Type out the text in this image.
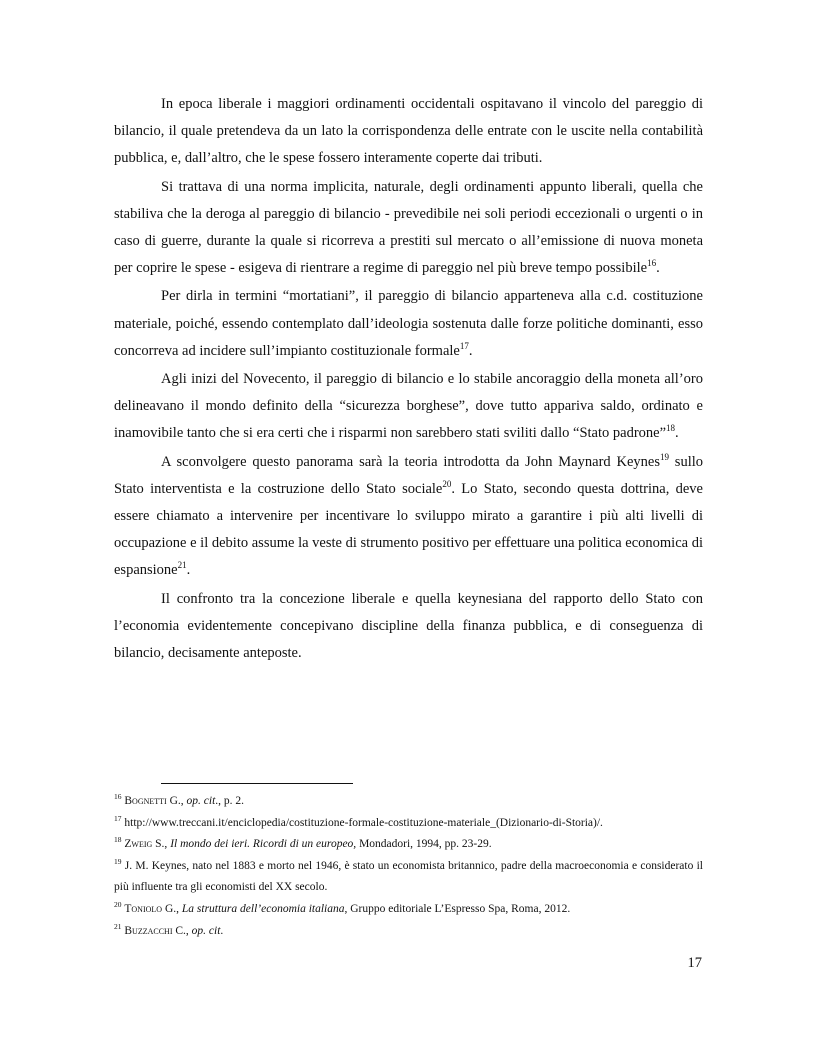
In epoca liberale i maggiori ordinamenti occidentali ospitavano il vincolo del pareggio di bilancio, il quale pretendeva da un lato la corrispondenza delle entrate con le uscite nella contabilità pubblica, e, dall’altro, che le spese fossero interamente coperte dai tributi.

Si trattava di una norma implicita, naturale, degli ordinamenti appunto liberali, quella che stabiliva che la deroga al pareggio di bilancio - prevedibile nei soli periodi eccezionali o urgenti o in caso di guerre, durante la quale si ricorreva a prestiti sul mercato o all’emissione di nuova moneta per coprire le spese - esigeva di rientrare a regime di pareggio nel più breve tempo possibile$^{16}$.

Per dirla in termini “mortatiani”, il pareggio di bilancio apparteneva alla c.d. costituzione materiale, poiché, essendo contemplato dall’ideologia sostenuta dalle forze politiche dominanti, esso concorreva ad incidere sull’impianto costituzionale formale$^{17}$.

Agli inizi del Novecento, il pareggio di bilancio e lo stabile ancoraggio della moneta all’oro delineavano il mondo definito della “sicurezza borghese”, dove tutto appariva saldo, ordinato e inamovibile tanto che si era certi che i risparmi non sarebbero stati sviliti dallo “Stato padrone”$^{18}$.

A sconvolgere questo panorama sarà la teoria introdotta da John Maynard Keynes$^{19}$ sullo Stato interventista e la costruzione dello Stato sociale$^{20}$. Lo Stato, secondo questa dottrina, deve essere chiamato a intervenire per incentivare lo sviluppo mirato a garantire i più alti livelli di occupazione e il debito assume la veste di strumento positivo per effettuare una politica economica di espansione$^{21}$.

Il confronto tra la concezione liberale e quella keynesiana del rapporto dello Stato con l’economia evidentemente concepivano discipline della finanza pubblica, e di conseguenza di bilancio, decisamente anteposte.

$^{16}$ Bognetti G., op. cit., p. 2.

$^{17}$ http://www.treccani.it/enciclopedia/costituzione-formale-costituzione-materiale_(Dizionario-di-Storia)/.

$^{18}$ Zweig S., Il mondo dei ieri. Ricordi di un europeo, Mondadori, 1994, pp. 23-29.

$^{19}$ J. M. Keynes, nato nel 1883 e morto nel 1946, è stato un economista britannico, padre della macroeconomia e considerato il più influente tra gli economisti del XX secolo.

$^{20}$ Toniolo G., La struttura dell’economia italiana, Gruppo editoriale L’Espresso Spa, Roma, 2012.

$^{21}$ Buzzacchi C., op. cit.

17
